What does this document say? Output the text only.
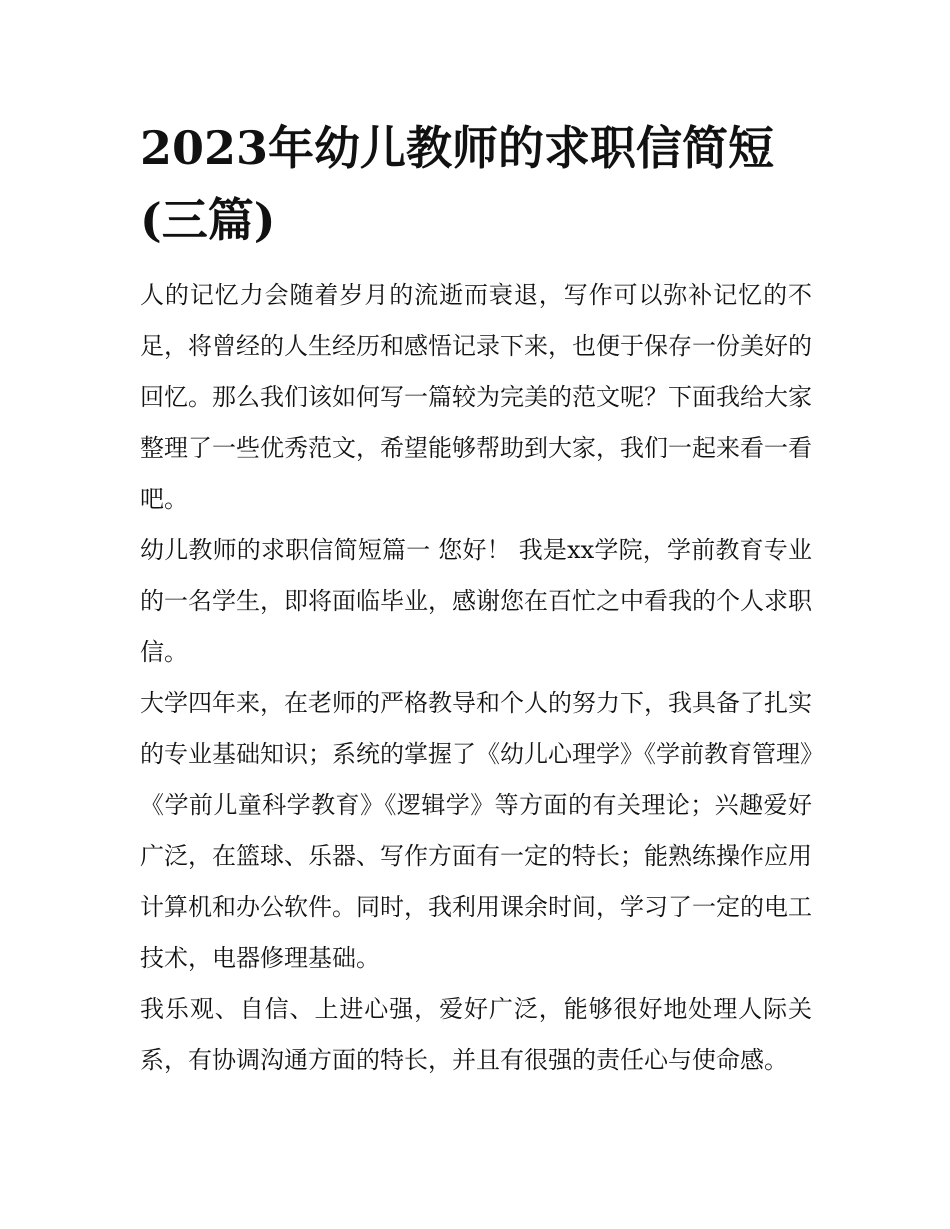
2023年幼儿教师的求职信简短(三篇)

人的记忆力会随着岁月的流逝而衰退，写作可以弥补记忆的不足，将曾经的人生经历和感悟记录下来，也便于保存一份美好的回忆。那么我们该如何写一篇较为完美的范文呢？下面我给大家整理了一些优秀范文，希望能够帮助到大家，我们一起来看一看吧。

幼儿教师的求职信简短篇一 您好！ 我是xx学院，学前教育专业的一名学生，即将面临毕业，感谢您在百忙之中看我的个人求职信。

大学四年来，在老师的严格教导和个人的努力下，我具备了扎实的专业基础知识；系统的掌握了《幼儿心理学》《学前教育管理》《学前儿童科学教育》《逻辑学》等方面的有关理论；兴趣爱好广泛，在篮球、乐器、写作方面有一定的特长；能熟练操作应用计算机和办公软件。同时，我利用课余时间，学习了一定的电工技术，电器修理基础。

我乐观、自信、上进心强，爱好广泛，能够很好地处理人际关系，有协调沟通方面的特长，并且有很强的责任心与使命感。
